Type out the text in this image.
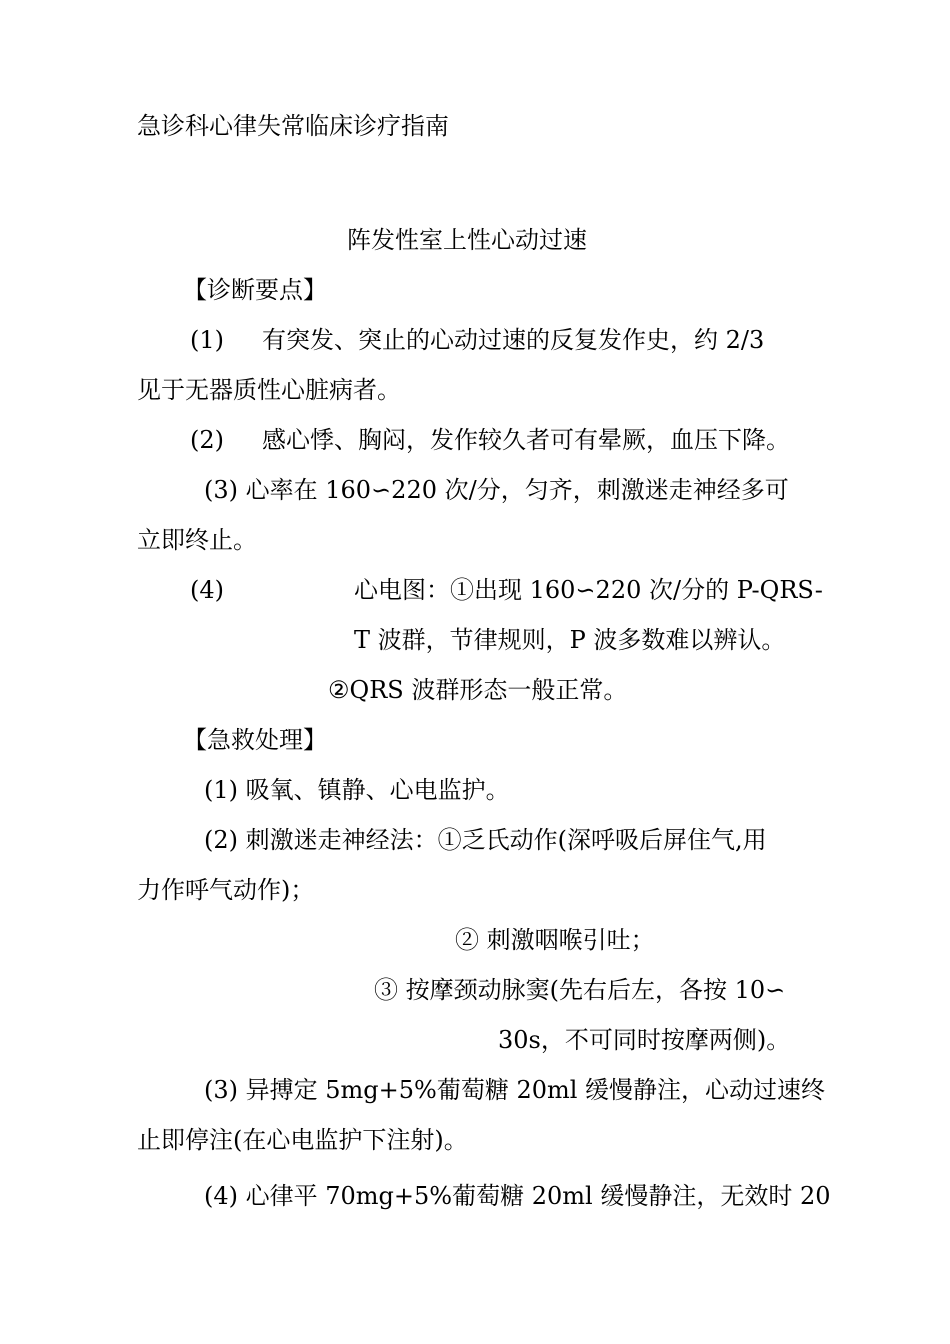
急诊科心律失常临床诊疗指南
阵发性室上性心动过速
【诊断要点】
(1) 有突发、突止的心动过速的反复发作史，约 2/3
见于无器质性心脏病者。
(2) 感心悸、胸闷，发作较久者可有晕厥，血压下降。
(3) 心率在 160∽220 次/分，匀齐，刺激迷走神经多可
立即终止。
(4)	心电图：①出现 160∽220 次/分的 P-QRS-
T 波群，节律规则，P 波多数难以辨认。
②QRS 波群形态一般正常。
【急救处理】
(1) 吸氧、镇静、心电监护。
(2) 刺激迷走神经法：①乏氏动作(深呼吸后屏住气,用
力作呼气动作)；
② 刺激咽喉引吐；
③ 按摩颈动脉窦(先右后左，各按 10∽
30s，不可同时按摩两侧)。
(3) 异搏定 5mg+5%葡萄糖 20ml 缓慢静注，心动过速终
止即停注(在心电监护下注射)。
(4) 心律平 70mg+5%葡萄糖 20ml 缓慢静注，无效时 20
